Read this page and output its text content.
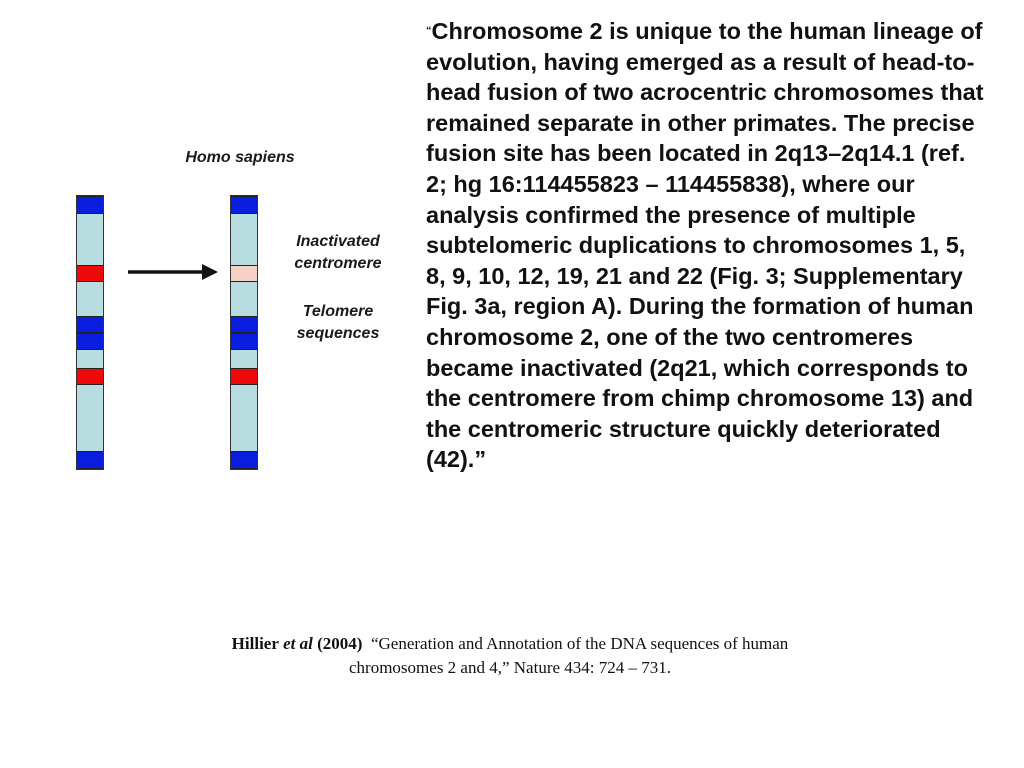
Homo sapiens
Inactivated
centromere
Telomere
sequences
“Chromosome 2 is unique to the human lineage of evolution, having emerged as a result of head-to-head fusion of two acrocentric chromosomes that remained separate in other primates. The precise fusion site has been located in 2q13–2q14.1 (ref. 2; hg 16:114455823 – 114455838), where our analysis confirmed the presence of multiple subtelomeric duplications to chromosomes 1, 5, 8, 9, 10, 12, 19, 21 and 22 (Fig. 3; Supplementary Fig. 3a, region A). During the formation of human chromosome 2, one of the two centromeres became inactivated (2q21, which corresponds to the centromere from chimp chromosome 13) and the centromeric structure quickly deteriorated (42).”
Hillier et al (2004) “Generation and Annotation of the DNA sequences of human
chromosomes 2 and 4,” Nature 434: 724 – 731.
